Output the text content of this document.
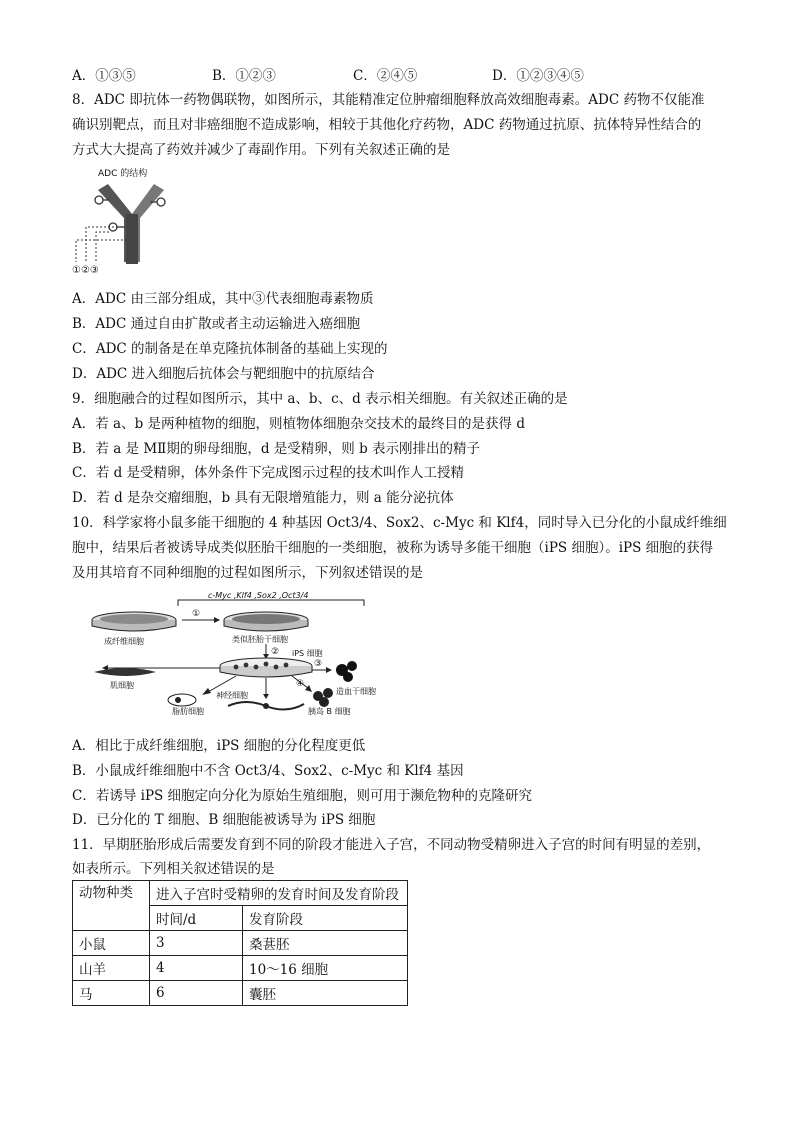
A．①③⑤	B．①②③	C．②④⑤	D．①②③④⑤
8．ADC 即抗体一药物偶联物，如图所示，其能精准定位肿瘤细胞释放高效细胞毒素。ADC 药物不仅能准
确识别靶点，而且对非癌细胞不造成影响，相较于其他化疗药物，ADC 药物通过抗原、抗体特异性结合的
方式大大提高了药效并减少了毒副作用。下列有关叙述正确的是
ADC 的结构
①②③
A．ADC 由三部分组成，其中③代表细胞毒素物质
B．ADC 通过自由扩散或者主动运输进入癌细胞
C．ADC 的制备是在单克隆抗体制备的基础上实现的
D．ADC 进入细胞后抗体会与靶细胞中的抗原结合
9．细胞融合的过程如图所示，其中 a、b、c、d 表示相关细胞。有关叙述正确的是
A．若 a、b 是两种植物的细胞，则植物体细胞杂交技术的最终目的是获得 d
B．若 a 是 MⅡ期的卵母细胞，d 是受精卵，则 b 表示刚排出的精子
C．若 d 是受精卵，体外条件下完成图示过程的技术叫作人工授精
D．若 d 是杂交瘤细胞，b 具有无限增殖能力，则 a 能分泌抗体
10．科学家将小鼠多能干细胞的 4 种基因 Oct3/4、Sox2、c-Myc 和 Klf4，同时导入已分化的小鼠成纤维细
胞中，结果后者被诱导成类似胚胎干细胞的一类细胞，被称为诱导多能干细胞（iPS 细胞）。iPS 细胞的获得
及用其培育不同种细胞的过程如图所示，下列叙述错误的是
c-Myc ,Klf4 ,Sox2 ,Oct3/4
成纤维细胞
①
类似胚胎干细胞
② iPS 细胞
③
④
肌细胞
脂肪细胞
神经细胞
胰岛 B 细胞
造血干细胞
A．相比于成纤维细胞，iPS 细胞的分化程度更低
B．小鼠成纤维细胞中不含 Oct3/4、Sox2、c-Myc 和 Klf4 基因
C．若诱导 iPS 细胞定向分化为原始生殖细胞，则可用于濒危物种的克隆研究
D．已分化的 T 细胞、B 细胞能被诱导为 iPS 细胞
11．早期胚胎形成后需要发育到不同的阶段才能进入子宫，不同动物受精卵进入子宫的时间有明显的差别，
如表所示。下列相关叙述错误的是
动物种类	进入子宫时受精卵的发育时间及发育阶段	
	时间/d	发育阶段
小鼠	3	桑葚胚
山羊	4	10～16 细胞
马	6	囊胚
